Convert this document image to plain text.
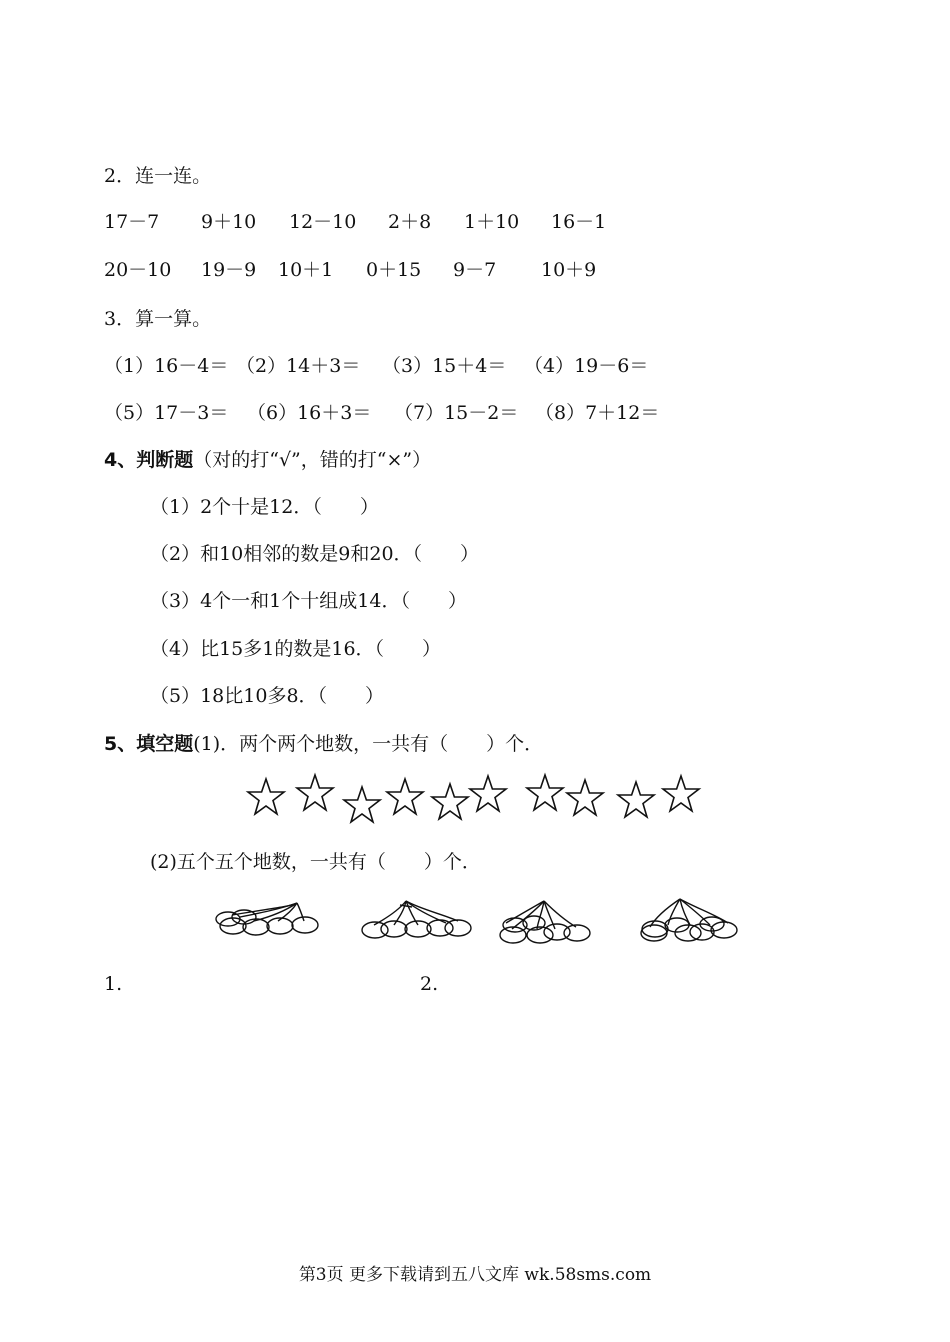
2．连一连。
17－7 9＋10 12－10 2＋8 1＋10 16－1
20－10 19－9 10＋1 0＋15 9－7 10＋9
3．算一算。
（1）16－4＝ （2）14＋3＝ （3）15＋4＝ （4）19－6＝
（5）17－3＝ （6）16＋3＝ （7）15－2＝ （8）7＋12＝
4、判断题（对的打“√”，错的打“×”）
（1）2个十是12．（　　）
（2）和10相邻的数是9和20．（　　）
（3）4个一和1个十组成14．（　　）
（4）比15多1的数是16．（　　）
（5）18比10多8．（　　）
5、填空题(1)．两个两个地数，一共有（　　）个．
(2)五个五个地数，一共有（　　）个．
1.	2.
第3页 更多下载请到五八文库 wk.58sms.com
